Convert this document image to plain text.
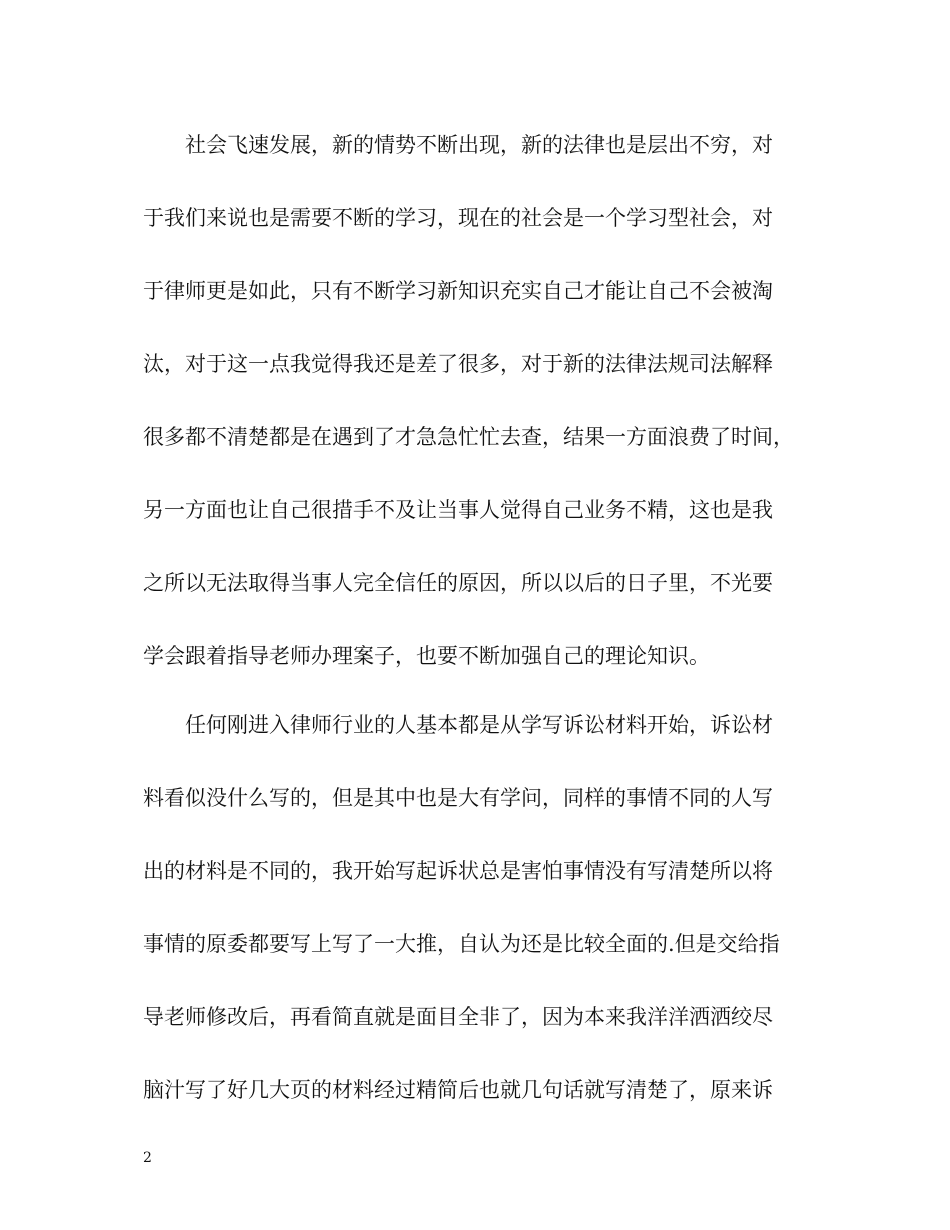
社会飞速发展，新的情势不断出现，新的法律也是层出不穷，对
于我们来说也是需要不断的学习，现在的社会是一个学习型社会，对
于律师更是如此，只有不断学习新知识充实自己才能让自己不会被淘
汰，对于这一点我觉得我还是差了很多，对于新的法律法规司法解释
很多都不清楚都是在遇到了才急急忙忙去查，结果一方面浪费了时间，
另一方面也让自己很措手不及让当事人觉得自己业务不精，这也是我
之所以无法取得当事人完全信任的原因，所以以后的日子里，不光要
学会跟着指导老师办理案子，也要不断加强自己的理论知识。
任何刚进入律师行业的人基本都是从学写诉讼材料开始，诉讼材
料看似没什么写的，但是其中也是大有学问，同样的事情不同的人写
出的材料是不同的，我开始写起诉状总是害怕事情没有写清楚所以将
事情的原委都要写上写了一大推，自认为还是比较全面的.但是交给指
导老师修改后，再看简直就是面目全非了，因为本来我洋洋洒洒绞尽
脑汁写了好几大页的材料经过精简后也就几句话就写清楚了，原来诉
2
